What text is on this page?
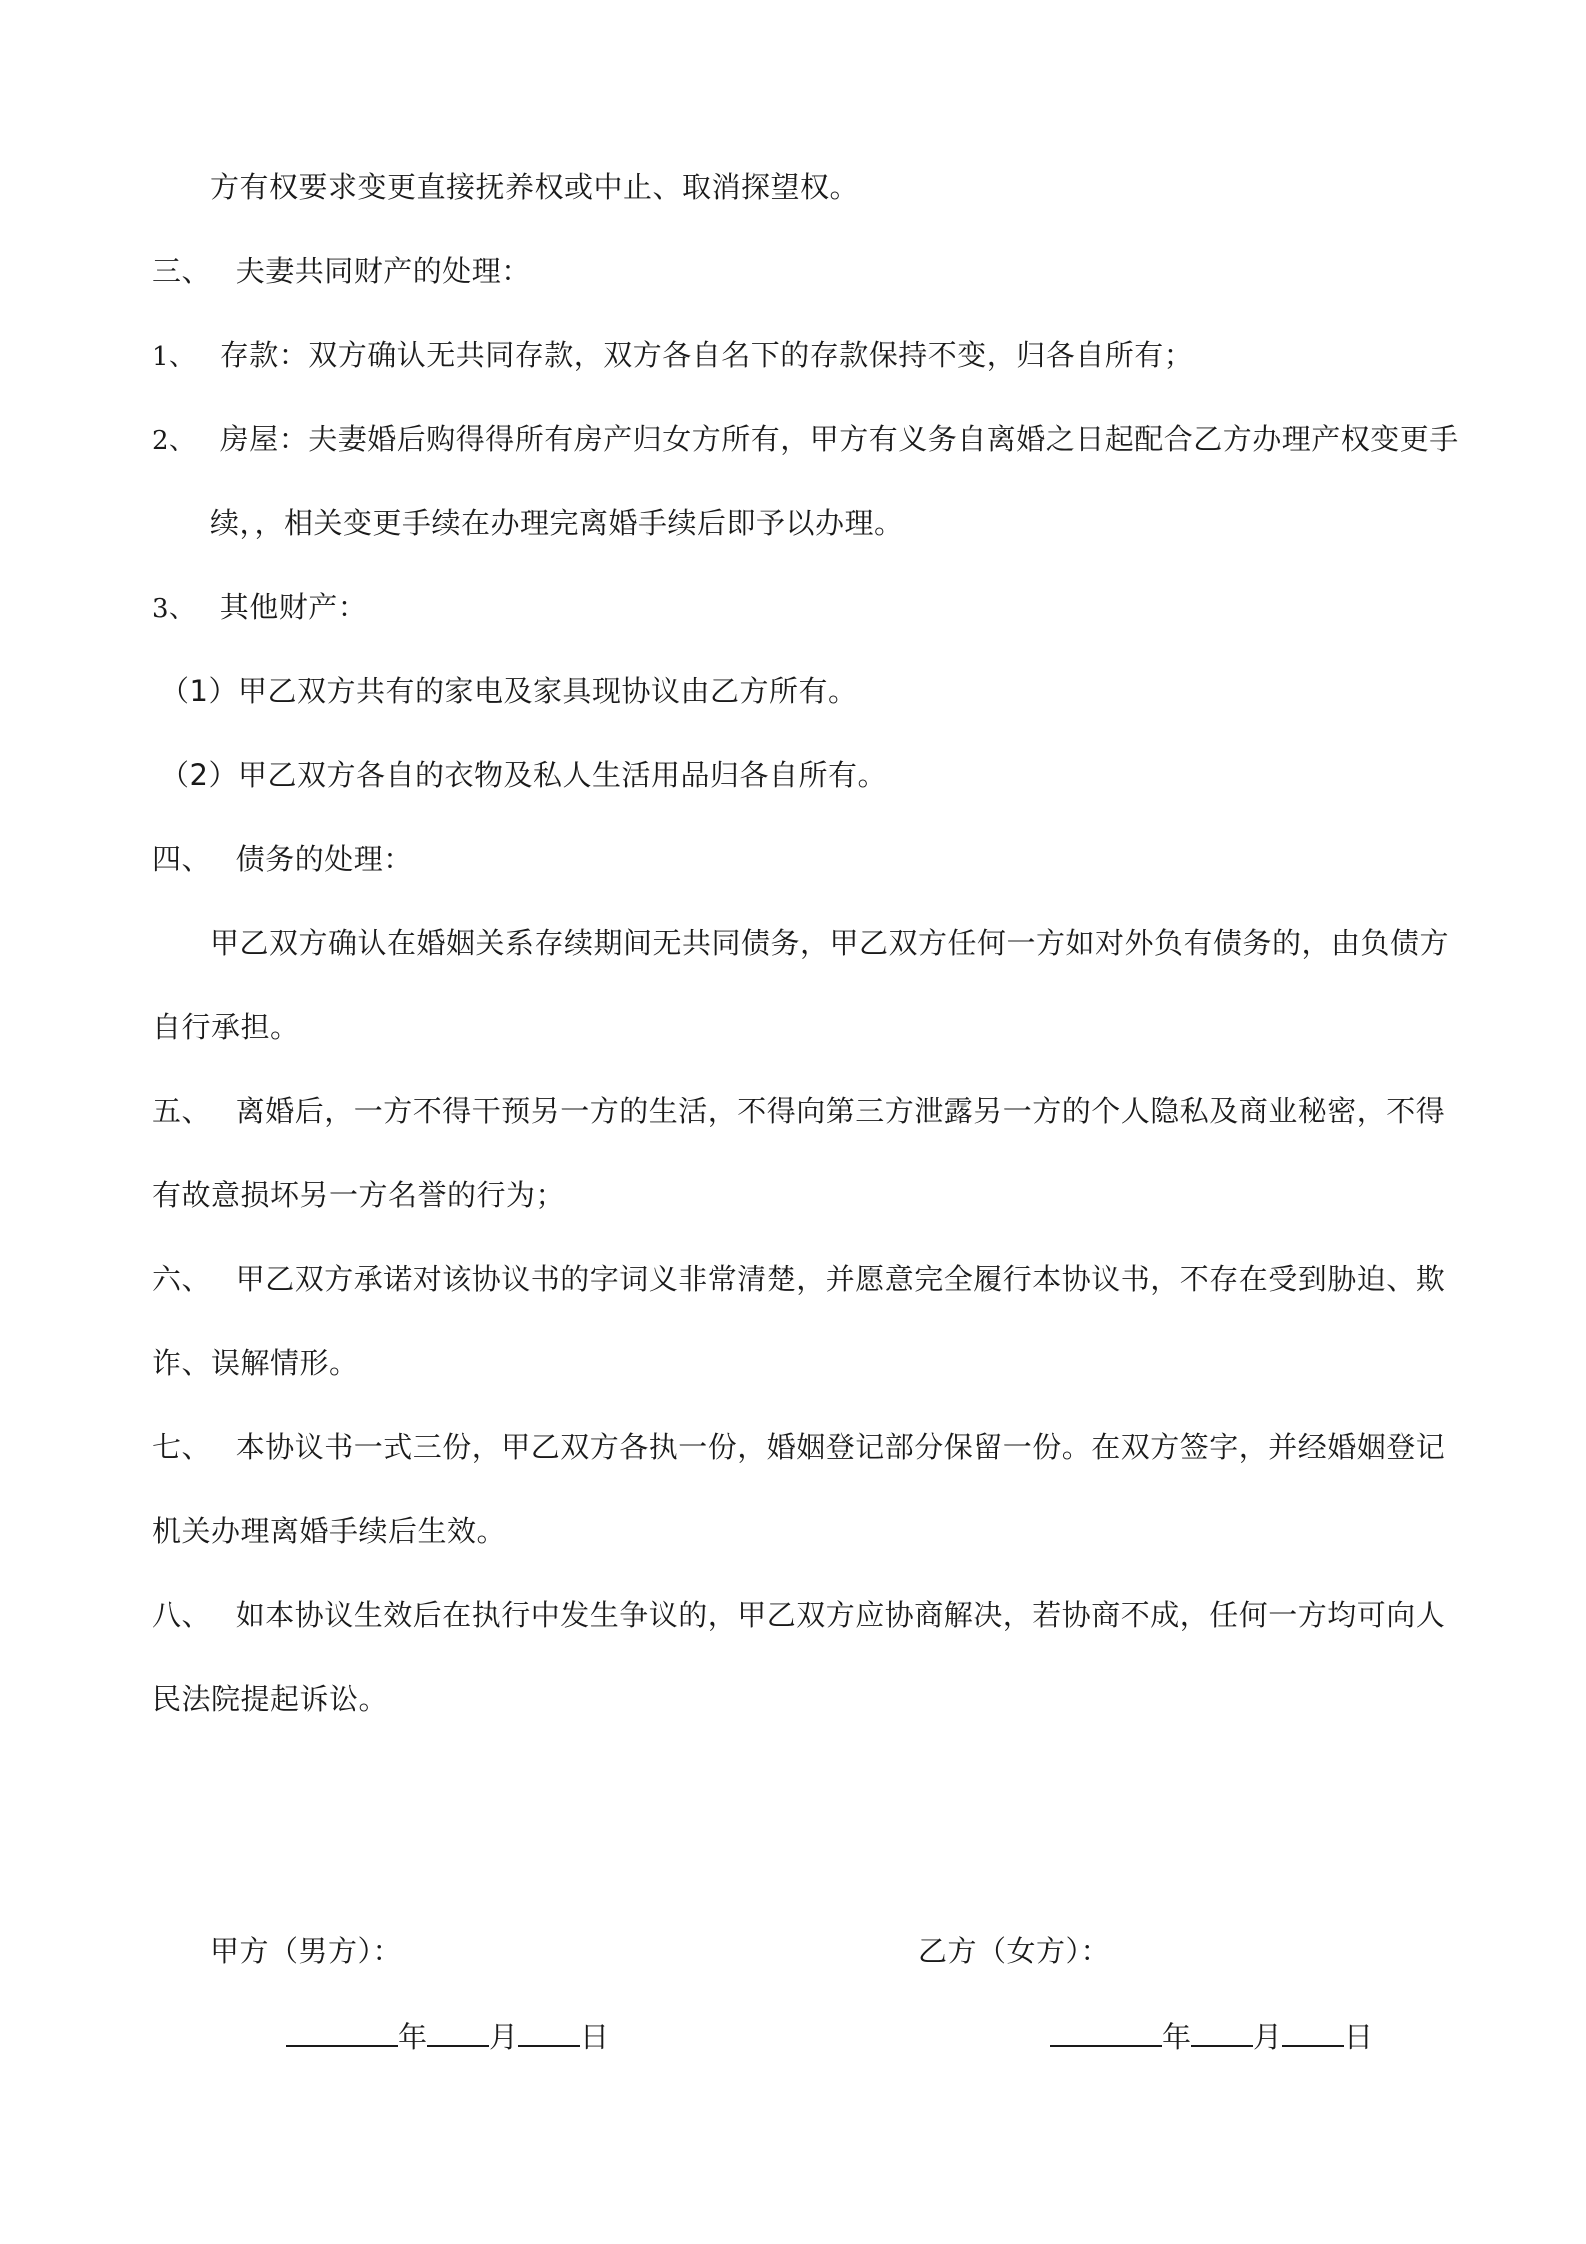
方有权要求变更直接抚养权或中止、取消探望权。
三、 夫妻共同财产的处理：
1、 存款：双方确认无共同存款，双方各自名下的存款保持不变，归各自所有；
2、 房屋：夫妻婚后购得得所有房产归女方所有，甲方有义务自离婚之日起配合乙方办理产权变更手
续，，相关变更手续在办理完离婚手续后即予以办理。
3、 其他财产：
（1）甲乙双方共有的家电及家具现协议由乙方所有。
（2）甲乙双方各自的衣物及私人生活用品归各自所有。
四、 债务的处理：
甲乙双方确认在婚姻关系存续期间无共同债务，甲乙双方任何一方如对外负有债务的，由负债方
自行承担。
五、 离婚后，一方不得干预另一方的生活，不得向第三方泄露另一方的个人隐私及商业秘密，不得
有故意损坏另一方名誉的行为；
六、 甲乙双方承诺对该协议书的字词义非常清楚，并愿意完全履行本协议书，不存在受到胁迫、欺
诈、误解情形。
七、 本协议书一式三份，甲乙双方各执一份，婚姻登记部分保留一份。在双方签字，并经婚姻登记
机关办理离婚手续后生效。
八、 如本协议生效后在执行中发生争议的，甲乙双方应协商解决，若协商不成，任何一方均可向人
民法院提起诉讼。
甲方（男方）：	乙方（女方）：
年 月 日	年 月 日
